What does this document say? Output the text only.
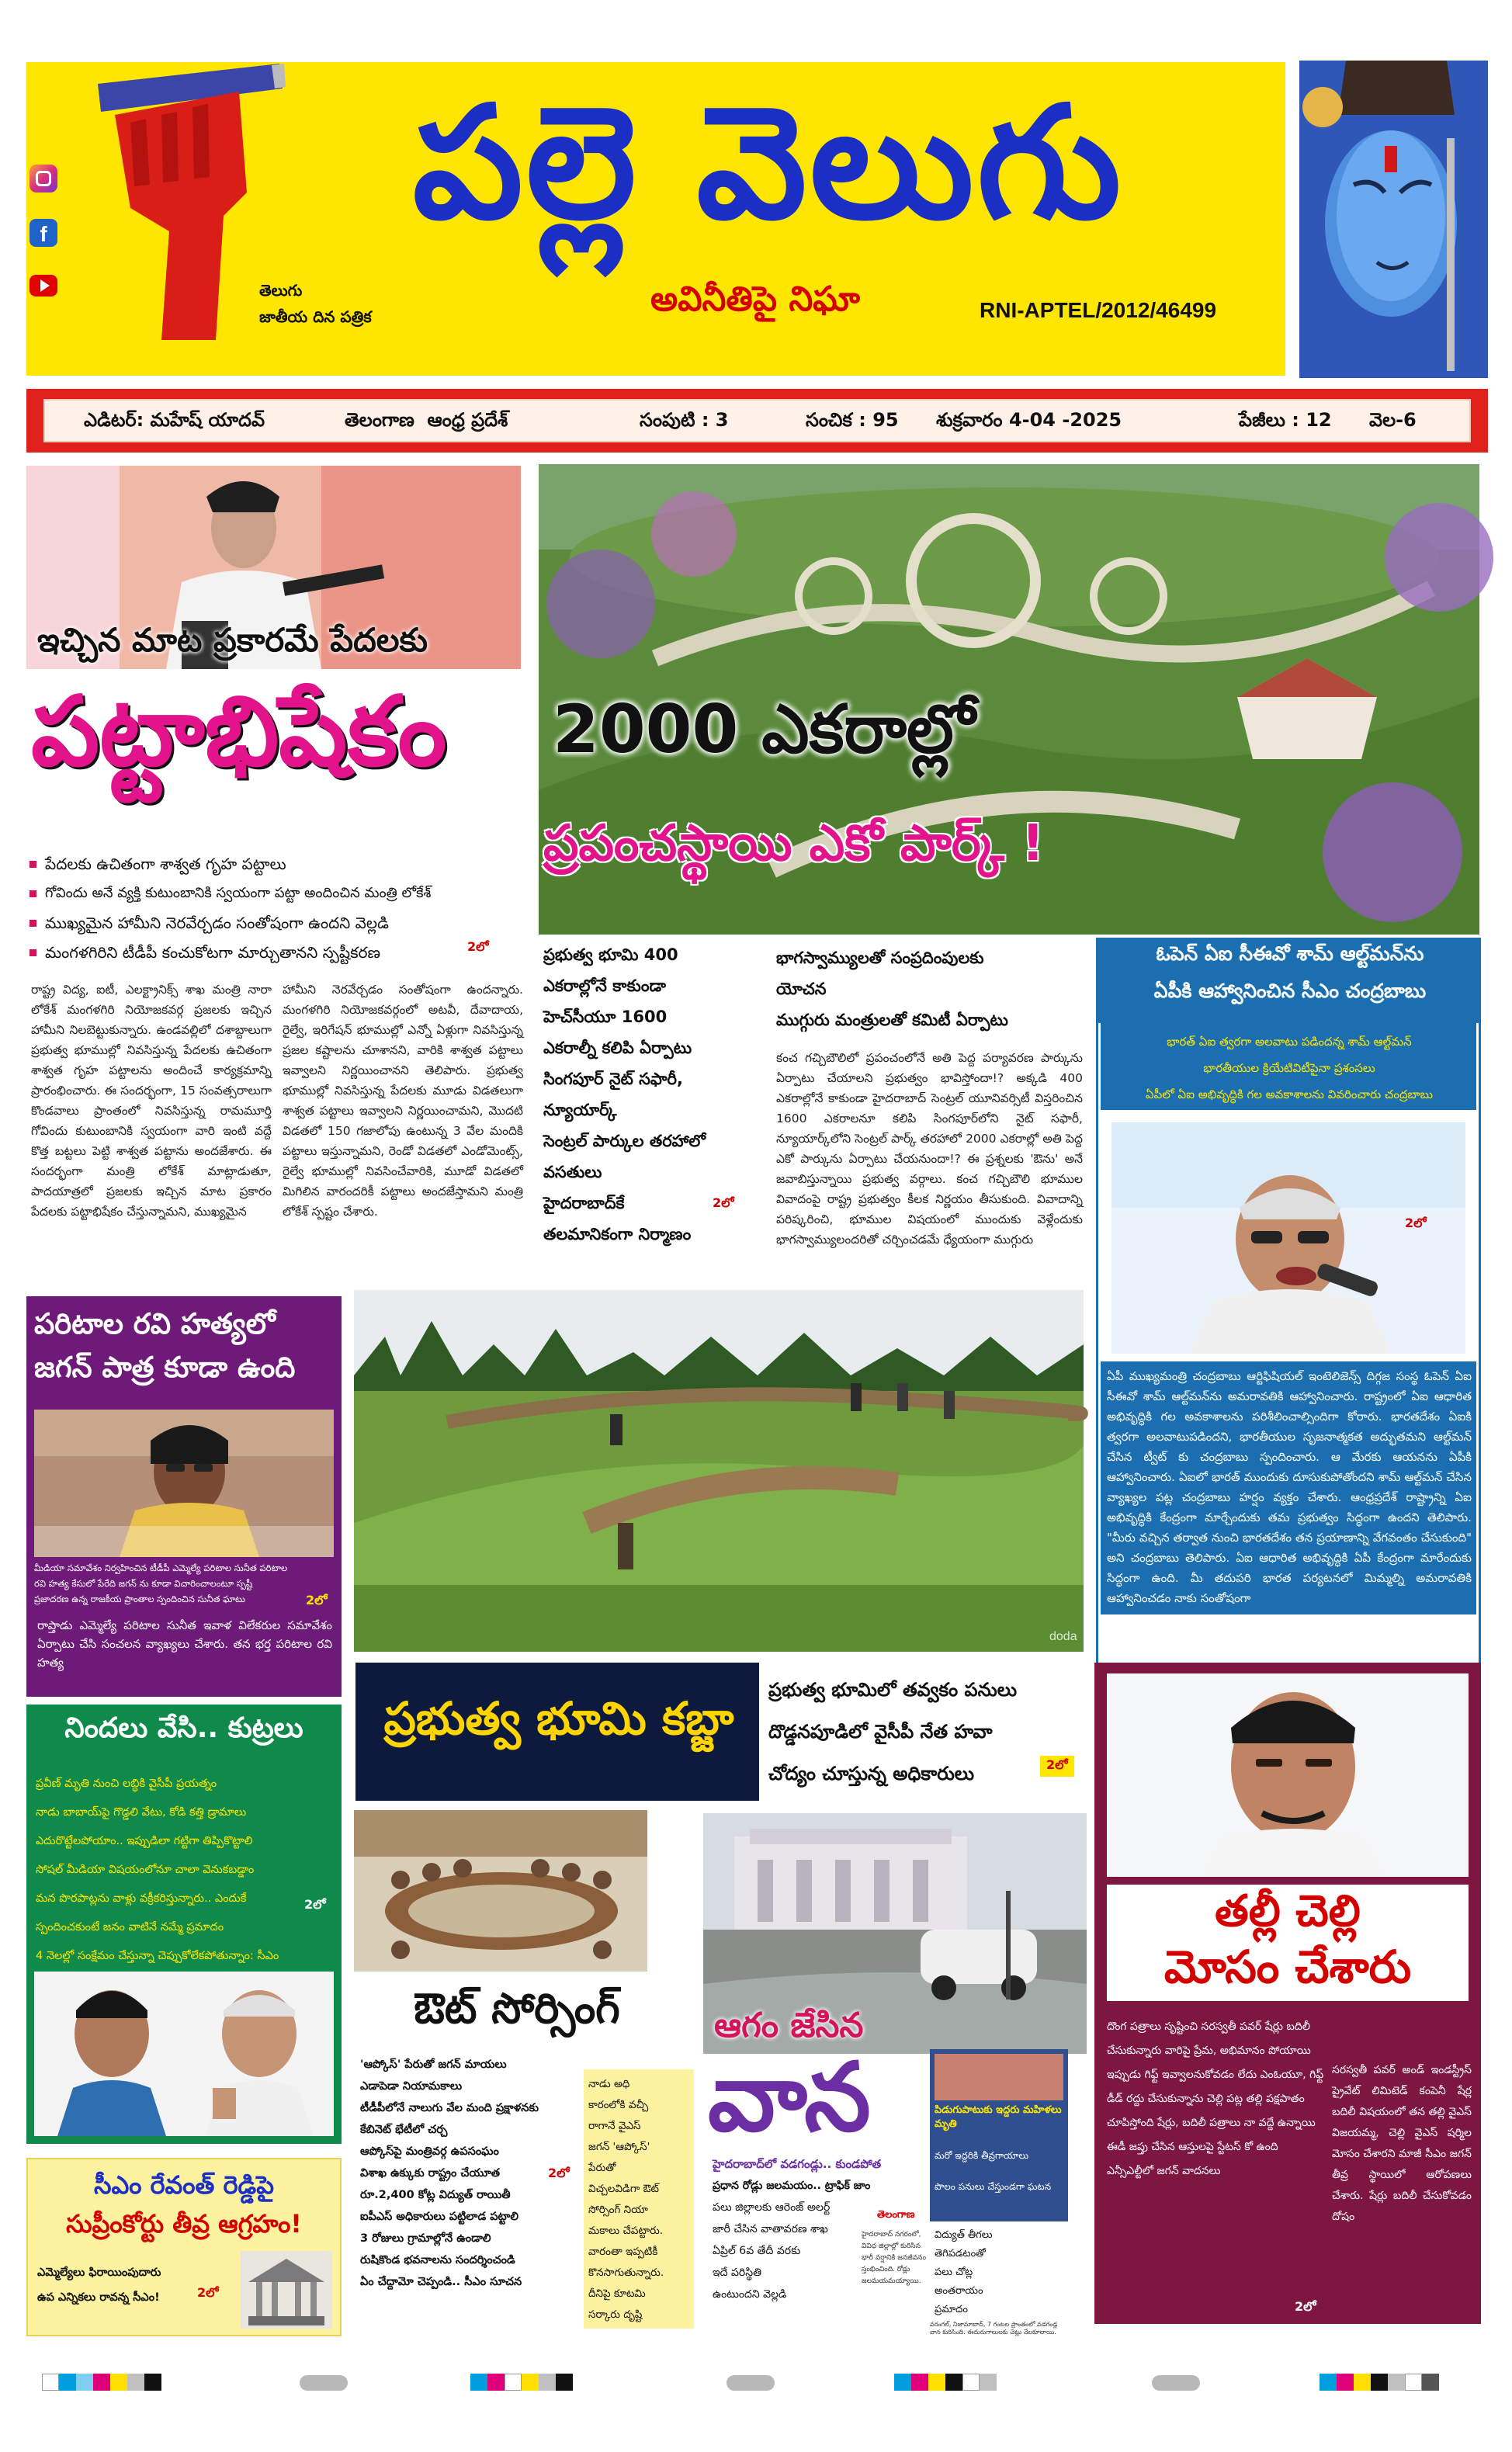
f	పల్లె వెలుగు
తెలుగు
జాతీయ దిన పత్రిక	అవినీతిపై నిఘా	RNI-APTEL/2012/46499
ఎడిటర్: మహేష్ యాదవ్	తెలంగాణ  ఆంధ్ర ప్రదేశ్	సంపుటి : 3	సంచిక : 95 శుక్రవారం 4-04 -2025	పేజీలు : 12 వెల-6
ఇచ్చిన మాట ప్రకారమే పేదలకు
పట్టాభిషేకం
పేదలకు ఉచితంగా శాశ్వత గృహ పట్టాలు
గోవిందు అనే వ్యక్తి కుటుంబానికి స్వయంగా పట్టా అందించిన మంత్రి లోకేశ్
ముఖ్యమైన హామీని నెరవేర్చడం సంతోషంగా ఉందని వెల్లడి
మంగళగిరిని టీడీపీ కంచుకోటగా మార్చుతానని స్పష్టీకరణ	2లో
రాష్ట్ర విద్య, ఐటీ, ఎలక్ట్రానిక్స్ శాఖ మంత్రి నారా లోకేశ్ మంగళగిరి నియోజకవర్గ ప్రజలకు ఇచ్చిన హామీని నిలబెట్టుకున్నారు. ఉండవల్లిలో దశాబ్దాలుగా ప్రభుత్వ భూముల్లో నివసిస్తున్న పేదలకు ఉచితంగా శాశ్వత గృహ పట్టాలను అందించే కార్యక్రమాన్ని ప్రారంభించారు. ఈ సందర్భంగా, 15 సంవత్సరాలుగా కొండవాలు ప్రాంతంలో నివసిస్తున్న రామమూర్తి గోవిందు కుటుంబానికి స్వయంగా వారి ఇంటి వద్దే కొత్త బట్టలు పెట్టి శాశ్వత పట్టాను అందజేశారు. ఈ సందర్భంగా మంత్రి లోకేశ్ మాట్లాడుతూ, పాదయాత్రలో ప్రజలకు ఇచ్చిన మాట ప్రకారం పేదలకు పట్టాభిషేకం చేస్తున్నామని, ముఖ్యమైన
హామీని నెరవేర్చడం సంతోషంగా ఉందన్నారు. మంగళగిరి నియోజకవర్గంలో అటవీ, దేవాదాయ, రైల్వే, ఇరిగేషన్ భూముల్లో ఎన్నో ఏళ్లుగా నివసిస్తున్న ప్రజల కష్టాలను చూశానని, వారికి శాశ్వత పట్టాలు ఇవ్వాలని నిర్ణయించానని తెలిపారు. ప్రభుత్వ భూముల్లో నివసిస్తున్న పేదలకు మూడు విడతలుగా శాశ్వత పట్టాలు ఇవ్వాలని నిర్ణయించామని, మొదటి విడతలో 150 గజాలోపు ఉంటున్న 3 వేల మందికి పట్టాలు ఇస్తున్నామని, రెండో విడతలో ఎండోమెంట్స్, రైల్వే భూముల్లో నివసించేవారికి, మూడో విడతలో మిగిలిన వారందరికీ పట్టాలు అందజేస్తామని మంత్రి లోకేశ్ స్పష్టం చేశారు.
2000 ఎకరాల్లో
ప్రపంచస్థాయి ఎకో పార్క్ !
ప్రభుత్వ భూమి 400
ఎకరాల్లోనే కాకుండా
హెచ్‌సీయూ 1600
ఎకరాల్నీ కలిపి ఏర్పాటు
సింగపూర్ నైట్ సఫారీ,
న్యూయార్క్
సెంట్రల్ పార్కుల తరహాలో
వసతులు
హైదరాబాద్‌కే
తలమానికంగా నిర్మాణం
2లో
భాగస్వామ్యులతో సంప్రదింపులకు
యోచన
ముగ్గురు మంత్రులతో కమిటీ ఏర్పాటు
కంచ గచ్చిబౌలిలో ప్రపంచంలోనే అతి పెద్ద పర్యావరణ పార్కును ఏర్పాటు చేయాలని ప్రభుత్వం భావిస్తోందా!? అక్కడి 400 ఎకరాల్లోనే కాకుండా హైదరాబాద్ సెంట్రల్ యూనివర్సిటీ విస్తరించిన 1600 ఎకరాలనూ కలిపి సింగపూర్‌లోని నైట్ సఫారీ, న్యూయార్క్‌లోని సెంట్రల్ పార్క్ తరహాలో 2000 ఎకరాల్లో అతి పెద్ద ఎకో పార్కును ఏర్పాటు చేయనుందా!? ఈ ప్రశ్నలకు 'ఔను' అనే జవాబిస్తున్నాయి ప్రభుత్వ వర్గాలు. కంచ గచ్చిబౌలి భూముల వివాదంపై రాష్ట్ర ప్రభుత్వం కీలక నిర్ణయం తీసుకుంది. వివాదాన్ని పరిష్కరించి, భూముల విషయంలో ముందుకు వెళ్లేందుకు భాగస్వామ్యులందరితో చర్చించడమే ధ్యేయంగా ముగ్గురు
ఓపెన్ ఏఐ సీఈవో శామ్ ఆల్ట్‌మన్‌ను
ఏపీకి ఆహ్వానించిన సీఎం చంద్రబాబు
భారత్ ఏఐ త్వరగా అలవాటు పడిందన్న శామ్ ఆల్ట్‌మన్
భారతీయుల క్రియేటివిటీపైనా ప్రశంసలు
ఏపీలో ఏఐ అభివృద్ధికి గల అవకాశాలను వివరించారు చంద్రబాబు
2లో
ఏపీ ముఖ్యమంత్రి చంద్రబాబు ఆర్టిఫిషియల్ ఇంటెలిజెన్స్ దిగ్గజ సంస్థ ఓపెన్ ఏఐ సీఈవో శామ్ ఆల్ట్‌మన్‌ను అమరావతికి ఆహ్వానించారు. రాష్ట్రంలో ఏఐ ఆధారిత అభివృద్ధికి గల అవకాశాలను పరిశీలించాల్సిందిగా కోరారు. భారతదేశం ఏఐకి త్వరగా అలవాటుపడిందని, భారతీయుల సృజనాత్మకత అద్భుతమని ఆల్ట్‌మన్ చేసిన ట్వీట్ కు చంద్రబాబు స్పందించారు. ఆ మేరకు ఆయనను ఏపీకి ఆహ్వానించారు. ఏఐలో భారత్ ముందుకు దూసుకుపోతోందని శామ్ ఆల్ట్‌మన్ చేసిన వ్యాఖ్యల పట్ల చంద్రబాబు హర్షం వ్యక్తం చేశారు. ఆంధ్రప్రదేశ్ రాష్ట్రాన్ని ఏఐ అభివృద్ధికి కేంద్రంగా మార్చేందుకు తమ ప్రభుత్వం సిద్ధంగా ఉందని తెలిపారు. "మీరు వచ్చిన తర్వాత నుంచి భారతదేశం తన ప్రయాణాన్ని వేగవంతం చేసుకుంది" అని చంద్రబాబు తెలిపారు. ఏఐ ఆధారిత అభివృద్ధికి ఏపీ కేంద్రంగా మారేందుకు సిద్ధంగా ఉంది. మీ తదుపరి భారత పర్యటనలో మిమ్మల్ని అమరావతికి ఆహ్వానించడం నాకు సంతోషంగా
పరిటాల రవి హత్యలో
జగన్ పాత్ర కూడా ఉంది
మీడియా సమావేశం నిర్వహించిన టీడీపీ ఎమ్మెల్యే పరిటాల సునీత పరిటాల
రవి హత్య కేసులో పేరేది జగన్ ను కూడా విచారించాలంటూ స్పష్టీ
ప్రజాదరణ ఉన్న రాజకీయ ప్రాంతాల స్పందించిన సునీత ఘాటు	2లో
రాప్తాడు ఎమ్మెల్యే పరిటాల సునీత ఇవాళ విలేకరుల సమావేశం ఏర్పాటు చేసి సంచలన వ్యాఖ్యలు చేశారు. తన భర్త పరిటాల రవి హత్య
doda
ప్రభుత్వ భూమి కబ్జా
ప్రభుత్వ భూమిలో తవ్వకం పనులు
దొడ్డనపూడిలో వైసీపీ నేత హవా
చోద్యం చూస్తున్న అధికారులు	2లో
నిందలు వేసి.. కుట్రలు
ప్రవీణ్ మృతి నుంచి లబ్ధికి వైసీపీ ప్రయత్నం
నాడు బాబాయ్‌పై గొడ్డలి వేటు, కోడి కత్తి డ్రామాలు
ఎదురొట్టేలపోయాం.. ఇప్పుడిలా గట్టిగా తిప్పికొట్టాలి
సోషల్ మీడియా విషయంలోనూ చాలా వెనుకబడ్డాం
మన పొరపాట్లను వాళ్లు వక్రీకరిస్తున్నారు.. ఎందుకే
స్పందించకుంటే జనం వాటినే నమ్మే ప్రమాదం
4 నెలల్లో సంక్షేమం చేస్తున్నా చెప్పుకోలేకపోతున్నాం: సీఎం
2లో
సీఎం రేవంత్ రెడ్డిపై
సుప్రీంకోర్టు తీవ్ర ఆగ్రహం!
ఎమ్మెల్యేలు ఫిరాయింపుదారు
ఉప ఎన్నికలు రావన్న సీఎం!	2లో
ఔట్ సోర్సింగ్
'ఆప్కోస్' పేరుతో జగన్ మాయలు
ఎడాపెడా నియామకాలు
టీడీపీలోనే నాలుగు వేల మంది ప్రక్షాళనకు
కేబినెట్ భేటీలో చర్చ
ఆప్కోస్‌పై మంత్రివర్గ ఉపసంఘం
విశాఖ ఉక్కుకు రాష్ట్రం చేయూత
రూ.2,400 కోట్ల విద్యుత్ రాయితీ
ఐపీఎస్ అధికారులు పట్టిలాడ పట్టాలి
3 రోజులు గ్రామాల్లోనే ఉండాలి
రుషికొండ భవనాలను సందర్శించండి
ఏం చేద్దామో చెప్పండి.. సీఎం సూచన
2లో
నాడు అధి
కారంలోకి వచ్చీ
రాగానే వైఎస్
జగన్ 'ఆప్కోస్'
పేరుతో
విచ్చలవిడిగా ఔట్
సోర్సింగ్ నియా
మకాలు చేపట్టారు.
వారంతా ఇప్పటికీ
కొనసాగుతున్నారు.
దీనిపై కూటమి
సర్కారు దృష్టి
ఆగం జేసిన
వాన	పిడుగుపాటుకు ఇద్దరు మహిళలు మృతి
మరో ఇద్దరికి తీవ్రగాయాలు
పొలం పనులు చేస్తుండగా ఘటన
హైదరాబాద్‌లో వడగండ్లు.. కుండపోత
ప్రధాన రోడ్లు జలమయం.. ట్రాఫిక్ జాం
పలు జిల్లాలకు ఆరెంజ్ అలర్ట్
జారీ చేసిన వాతావరణ శాఖ
ఏప్రిల్ 6వ తేదీ వరకు
ఇదే పరిస్థితి
ఉంటుందని వెల్లడి
విద్యుత్ తీగలు
తెగిపడటంతో
పలు చోట్ల
అంతరాయం
ప్రమాదం
తెలంగాణ
హైదరాబాద్ నగరంలో, వివిధ జిల్లాల్లో కురిసిన భారీ వర్షానికి జనజీవనం స్తంభించింది. రోడ్లు జలమయమయ్యాయి.
వరంగల్, నిజామాబాద్, 7 గంటల ప్రాంతంలో వడగండ్ల వాన కురిసింది. ఈదురుగాలులకు చెట్లు నేలకూలాయి.
తల్లీ చెల్లి
మోసం చేశారు
దొంగ పత్రాలు సృష్టించి సరస్వతీ పవర్ షేర్లు బదిలీ చేసుకున్నారు వారిపై ప్రేమ, అభిమానం పోయాయి ఇప్పుడు గిఫ్ట్ ఇవ్వాలనుకోవడం లేదు ఎంఓయూ, గిఫ్ట్ డీడ్ రద్దు చేసుకున్నాను చెల్లి పట్ల తల్లి పక్షపాతం చూపిస్తోంది షేర్లు, బదిలీ పత్రాలు నా వద్దే ఉన్నాయి ఈడీ జప్తు చేసిన ఆస్తులపై స్టేటస్ కో ఉంది ఎన్సీఎల్టీలో జగన్ వాదనలు
సరస్వతీ పవర్ అండ్ ఇండస్ట్రీస్ ప్రైవేట్ లిమిటెడ్ కంపెనీ షేర్ల బదిలీ విషయంలో తన తల్లి వైఎస్ విజయమ్మ, చెల్లి వైఎస్ షర్మిల మోసం చేశారని మాజీ సీఎం జగన్ తీవ్ర స్థాయిలో ఆరోపణలు చేశారు. షేర్లు బదిలీ చేసుకోవడం దోషం
2లో
